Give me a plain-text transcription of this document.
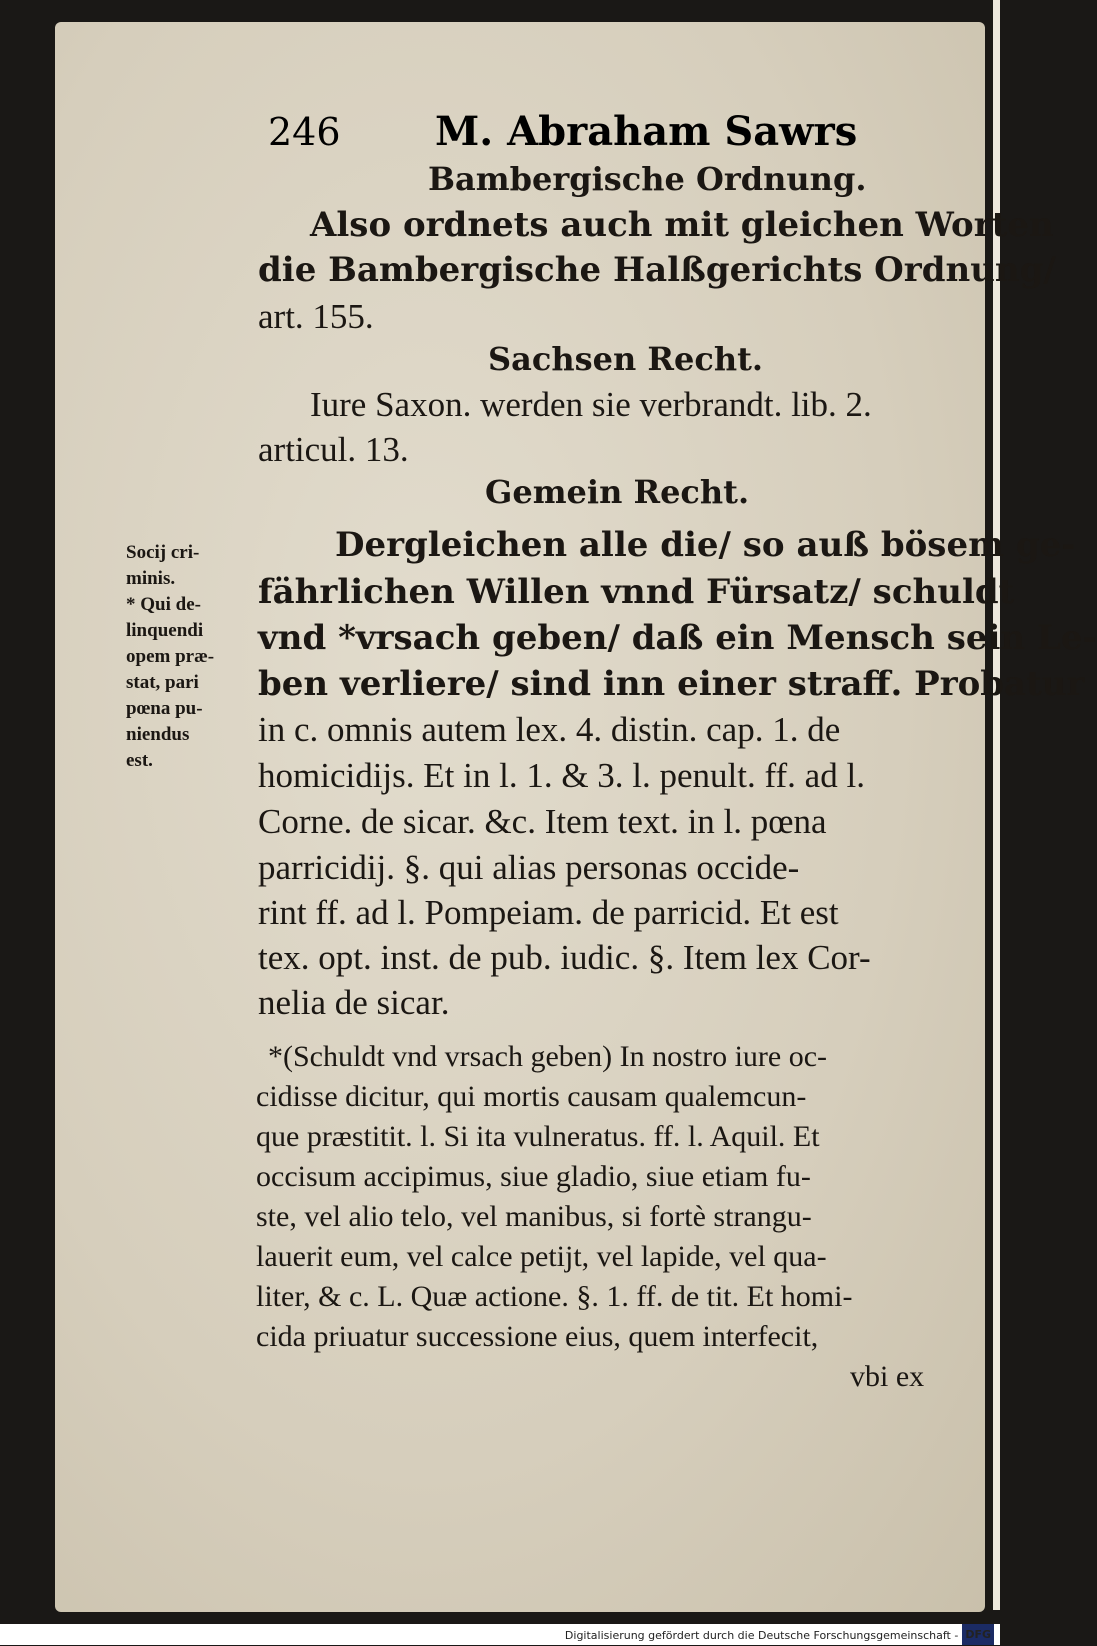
246 M. Abraham Sawrs
Bambergische Ordnung.
Also ordnets auch mit gleichen Worten
die Bambergische Halßgerichts Ordnung/
art. 155.
Sachsen Recht.
Iure Saxon. werden sie verbrandt. lib. 2.
articul. 13.
Gemein Recht.
Dergleichen alle die/ so auß bösem ge-
fährlichen Willen vnnd Fürsatz/ schuldt
vnd *vrsach geben/ daß ein Mensch sein Le-
ben verliere/ sind inn einer straff. Probatur
in c. omnis autem lex. 4. distin. cap. 1. de
homicidijs. Et in l. 1. & 3. l. penult. ff. ad l.
Corne. de sicar. &c. Item text. in l. pœna
parricidij. §. qui alias personas occide-
rint ff. ad l. Pompeiam. de parricid. Et est
tex. opt. inst. de pub. iudic. §. Item lex Cor-
nelia de sicar.
*(Schuldt vnd vrsach geben) In nostro iure oc-
cidisse dicitur, qui mortis causam qualemcun-
que præstitit. l. Si ita vulneratus. ff. l. Aquil. Et
occisum accipimus, siue gladio, siue etiam fu-
ste, vel alio telo, vel manibus, si fortè strangu-
lauerit eum, vel calce petijt, vel lapide, vel qua-
liter, & c. L. Quæ actione. §. 1. ff. de tit. Et homi-
cida priuatur successione eius, quem interfecit,
vbi ex
Socij cri-
minis.
* Qui de-
linquendi
opem præ-
stat, pari
pœna pu-
niendus
est.
Digitalisierung gefördert durch die Deutsche Forschungsgemeinschaft - DFG
